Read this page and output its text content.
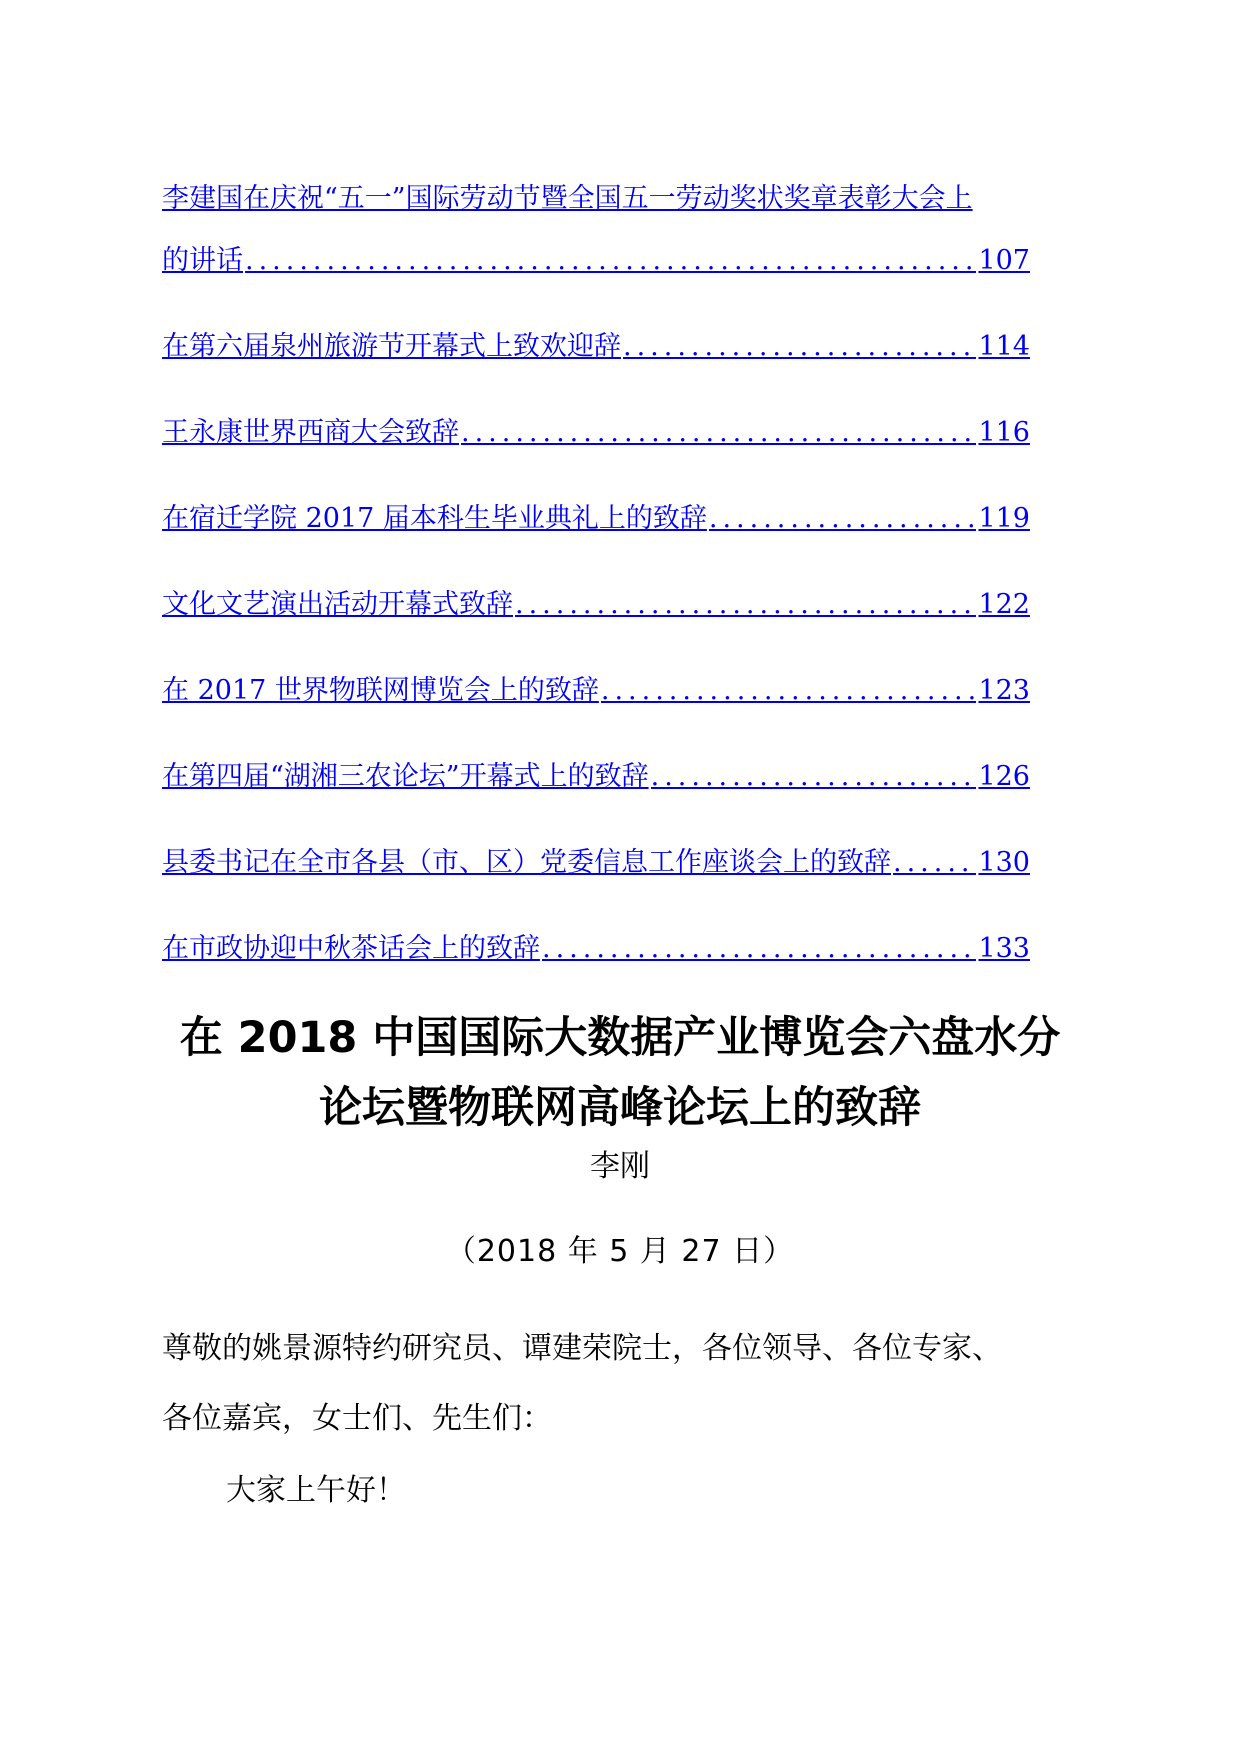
李建国在庆祝“五一”国际劳动节暨全国五一劳动奖状奖章表彰大会上
的讲话 .....	107
在第六届泉州旅游节开幕式上致欢迎辞 .....	114
王永康世界西商大会致辞 .....	116
在宿迁学院 2017 届本科生毕业典礼上的致辞 .....	119
文化文艺演出活动开幕式致辞 .....	122
在 2017 世界物联网博览会上的致辞 .....	123
在第四届“湖湘三农论坛”开幕式上的致辞 .....	126
县委书记在全市各县（市、区）党委信息工作座谈会上的致辞 .....	130
在市政协迎中秋茶话会上的致辞 .....	133
在 2018 中国国际大数据产业博览会六盘水分
论坛暨物联网高峰论坛上的致辞
李刚
（2018 年 5 月 27 日）
尊敬的姚景源特约研究员、谭建荣院士，各位领导、各位专家、
各位嘉宾，女士们、先生们：
大家上午好！
